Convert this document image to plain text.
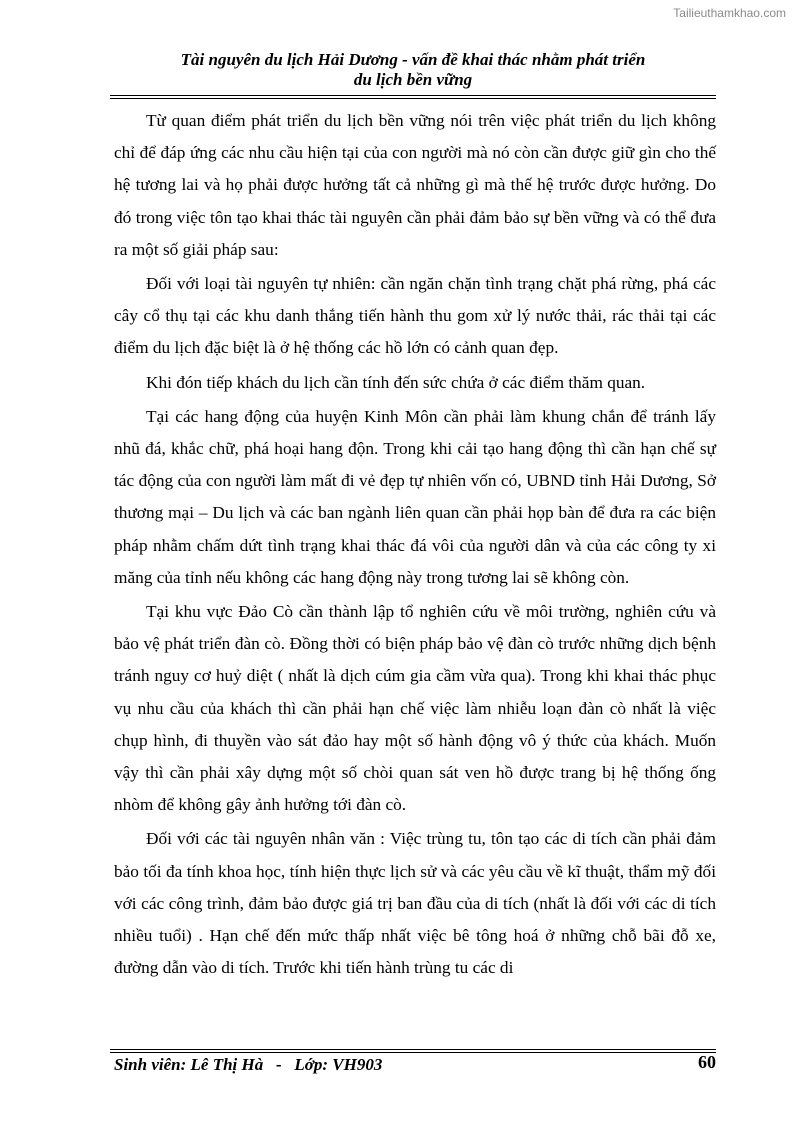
Tailieuthamkhao.com
Tài nguyên du lịch Hải Dương - vấn đề khai thác nhằm phát triển
du lịch bền vững

Từ quan điểm phát triển du lịch bền vững nói trên việc phát triển du lịch không chỉ để đáp ứng các nhu cầu hiện tại của con người mà nó còn cần được giữ gìn cho thế hệ tương lai và họ phải được hưởng tất cả những gì mà thế hệ trước được hưởng. Do đó trong việc tôn tạo khai thác tài nguyên cần phải đảm bảo sự bền vững và có thể đưa ra một số giải pháp sau:

Đối với loại tài nguyên tự nhiên: cần ngăn chặn tình trạng chặt phá rừng, phá các cây cổ thụ tại các khu danh thắng tiến hành thu gom xử lý nước thải, rác thải tại các điểm du lịch đặc biệt là ở hệ thống các hồ lớn có cảnh quan đẹp.

Khi đón tiếp khách du lịch cần tính đến sức chứa ở các điểm thăm quan.

Tại các hang động của huyện Kinh Môn cần phải làm khung chắn để tránh lấy nhũ đá, khắc chữ, phá hoại hang độn. Trong khi cải tạo hang động thì cần hạn chế sự tác động của con người làm mất đi vẻ đẹp tự nhiên vốn có, UBND tỉnh Hải Dương, Sở thương mại – Du lịch và các ban ngành liên quan cần phải họp bàn để đưa ra các biện pháp nhằm chấm dứt tình trạng khai thác đá vôi của người dân và của các công ty xi măng của tỉnh nếu không các hang động này trong tương lai sẽ không còn.

Tại khu vực Đảo Cò cần thành lập tổ nghiên cứu về môi trường, nghiên cứu và bảo vệ phát triển đàn cò. Đồng thời có biện pháp bảo vệ đàn cò trước những dịch bệnh tránh nguy cơ huỷ diệt ( nhất là dịch cúm gia cầm vừa qua). Trong khi khai thác phục vụ nhu cầu của khách thì cần phải hạn chế việc làm nhiễu loạn đàn cò nhất là việc chụp hình, đi thuyền vào sát đảo hay một số hành động vô ý thức của khách. Muốn vậy thì cần phải xây dựng một số chòi quan sát ven hồ được trang bị hệ thống ống nhòm để không gây ảnh hưởng tới đàn cò.

Đối với các tài nguyên nhân văn : Việc trùng tu, tôn tạo các di tích cần phải đảm bảo tối đa tính khoa học, tính hiện thực lịch sử và các yêu cầu về kĩ thuật, thẩm mỹ đối với các công trình, đảm bảo được giá trị ban đầu của di tích (nhất là đối với các di tích nhiều tuổi) . Hạn chế đến mức thấp nhất việc bê tông hoá ở những chỗ bãi đỗ xe, đường dẫn vào di tích. Trước khi tiến hành trùng tu các di

Sinh viên: Lê Thị Hà   -   Lớp: VH903	60
